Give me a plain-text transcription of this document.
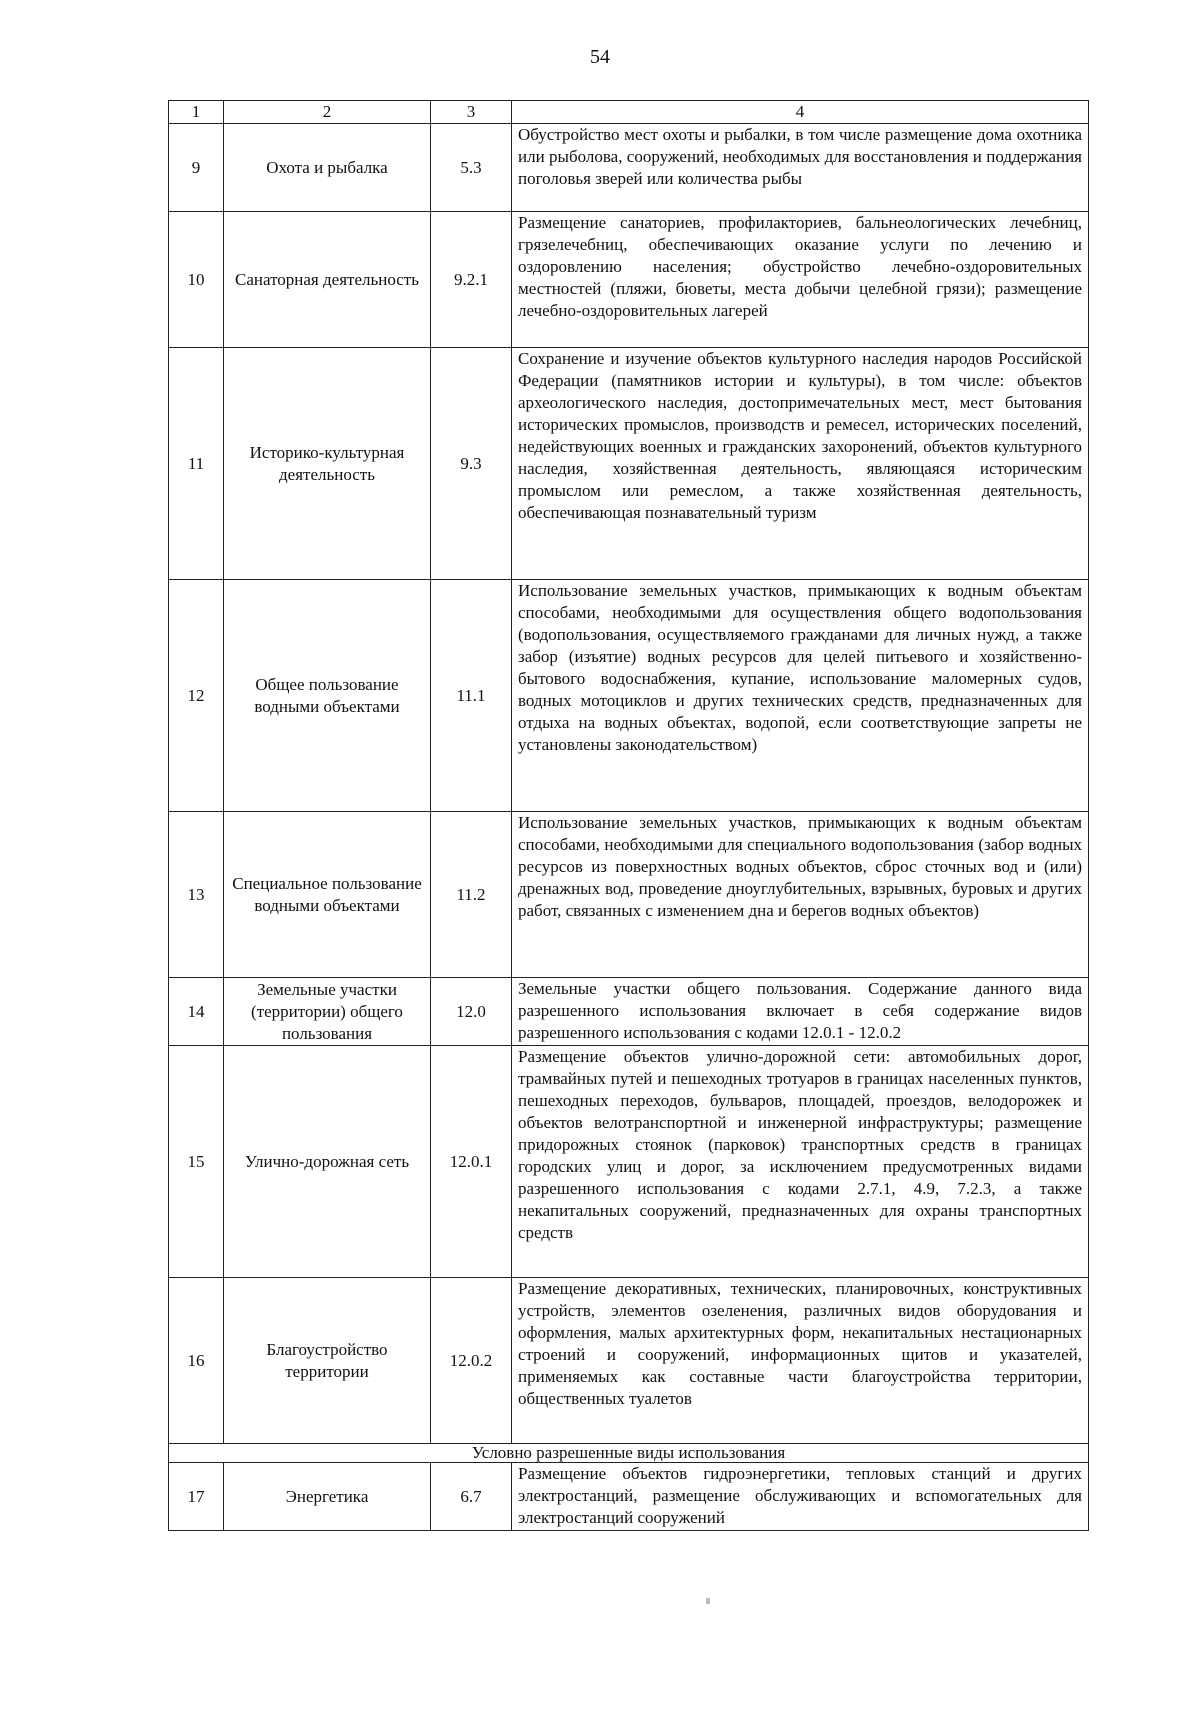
54
1	2	3	4
9	Охота и рыбалка	5.3	Обустройство мест охоты и рыбалки, в том числе размещение дома охотника или рыболова, сооружений, необходимых для восстановления и поддержания поголовья зверей или количества рыбы
10	Санаторная деятельность	9.2.1	Размещение санаториев, профилакториев, бальнеологических лечебниц, грязелечебниц, обеспечивающих оказание услуги по лечению и оздоровлению населения; обустройство лечебно-оздоровительных местностей (пляжи, бюветы, места добычи целебной грязи); размещение лечебно-оздоровительных лагерей
11	Историко-культурная деятельность	9.3	Сохранение и изучение объектов культурного наследия народов Российской Федерации (памятников истории и культуры), в том числе: объектов археологического наследия, достопримечательных мест, мест бытования исторических промыслов, производств и ремесел, исторических поселений, недействующих военных и гражданских захоронений, объектов культурного наследия, хозяйственная деятельность, являющаяся историческим промыслом или ремеслом, а также хозяйственная деятельность, обеспечивающая познавательный туризм
12	Общее пользование водными объектами	11.1	Использование земельных участков, примыкающих к водным объектам способами, необходимыми для осуществления общего водопользования (водопользования, осуществляемого гражданами для личных нужд, а также забор (изъятие) водных ресурсов для целей питьевого и хозяйственно-бытового водоснабжения, купание, использование маломерных судов, водных мотоциклов и других технических средств, предназначенных для отдыха на водных объектах, водопой, если соответствующие запреты не установлены законодательством)
13	Специальное пользование водными объектами	11.2	Использование земельных участков, примыкающих к водным объектам способами, необходимыми для специального водопользования (забор водных ресурсов из поверхностных водных объектов, сброс сточных вод и (или) дренажных вод, проведение дноуглубительных, взрывных, буровых и других работ, связанных с изменением дна и берегов водных объектов)
14	Земельные участки (территории) общего пользования	12.0	Земельные участки общего пользования. Содержание данного вида разрешенного использования включает в себя содержание видов разрешенного использования с кодами 12.0.1 - 12.0.2
15	Улично-дорожная сеть	12.0.1	Размещение объектов улично-дорожной сети: автомобильных дорог, трамвайных путей и пешеходных тротуаров в границах населенных пунктов, пешеходных переходов, бульваров, площадей, проездов, велодорожек и объектов велотранспортной и инженерной инфраструктуры; размещение придорожных стоянок (парковок) транспортных средств в границах городских улиц и дорог, за исключением предусмотренных видами разрешенного использования с кодами 2.7.1, 4.9, 7.2.3, а также некапитальных сооружений, предназначенных для охраны транспортных средств
16	Благоустройство территории	12.0.2	Размещение декоративных, технических, планировочных, конструктивных устройств, элементов озеленения, различных видов оборудования и оформления, малых архитектурных форм, некапитальных нестационарных строений и сооружений, информационных щитов и указателей, применяемых как составные части благоустройства территории, общественных туалетов
Условно разрешенные виды использования			
17	Энергетика	6.7	Размещение объектов гидроэнергетики, тепловых станций и других электростанций, размещение обслуживающих и вспомогательных для электростанций сооружений
